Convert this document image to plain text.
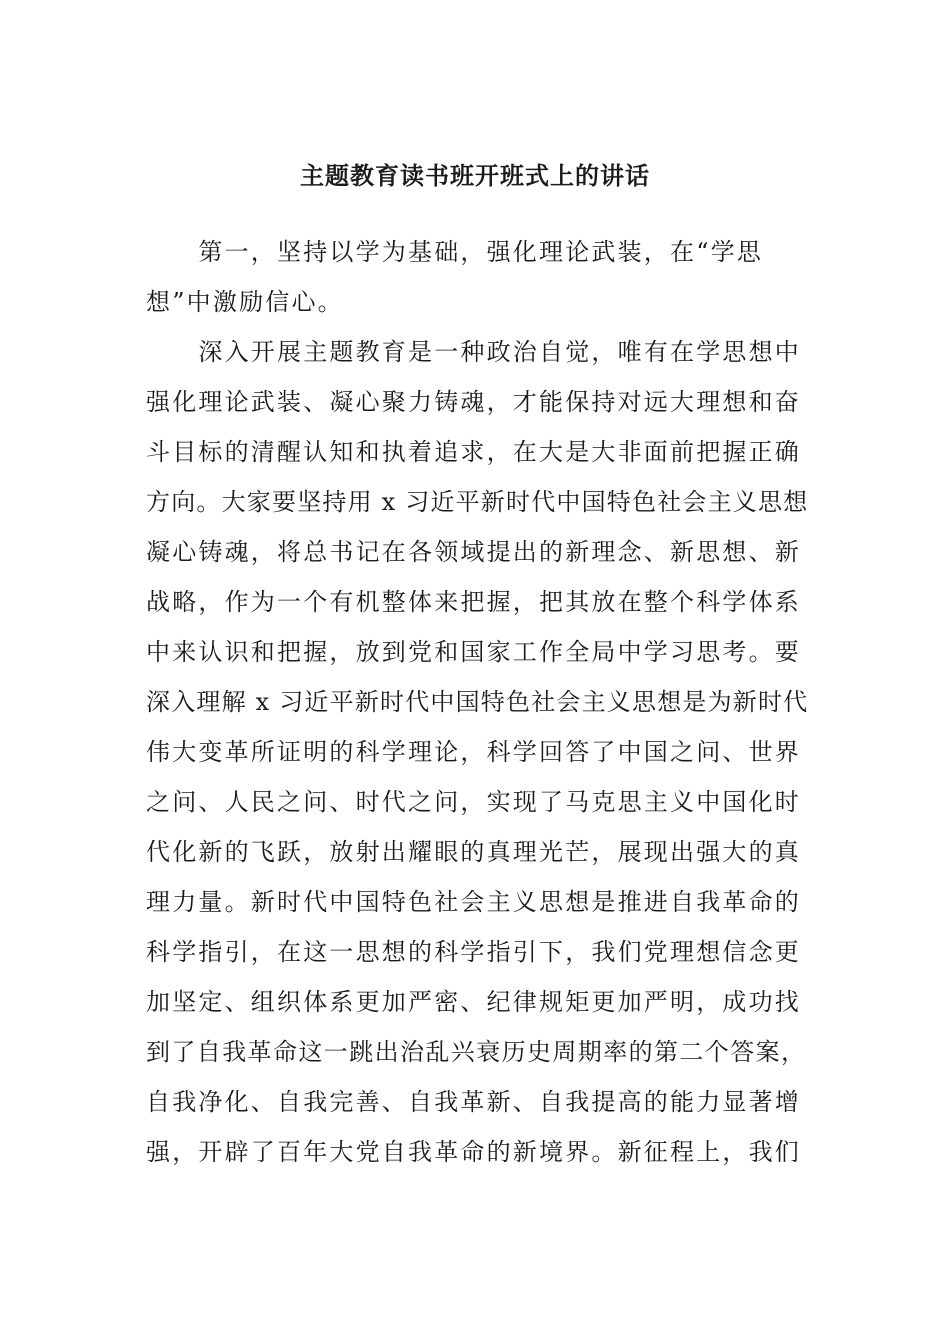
主题教育读书班开班式上的讲话
　　第一，坚持以学为基础，强化理论武装，在“学思
想”中激励信心。
　　深入开展主题教育是一种政治自觉，唯有在学思想中
强化理论武装、凝心聚力铸魂，才能保持对远大理想和奋
斗目标的清醒认知和执着追求，在大是大非面前把握正确
方向。大家要坚持用 x 习近平新时代中国特色社会主义思想
凝心铸魂，将总书记在各领域提出的新理念、新思想、新
战略，作为一个有机整体来把握，把其放在整个科学体系
中来认识和把握，放到党和国家工作全局中学习思考。要
深入理解 x 习近平新时代中国特色社会主义思想是为新时代
伟大变革所证明的科学理论，科学回答了中国之问、世界
之问、人民之问、时代之问，实现了马克思主义中国化时
代化新的飞跃，放射出耀眼的真理光芒，展现出强大的真
理力量。新时代中国特色社会主义思想是推进自我革命的
科学指引，在这一思想的科学指引下，我们党理想信念更
加坚定、组织体系更加严密、纪律规矩更加严明，成功找
到了自我革命这一跳出治乱兴衰历史周期率的第二个答案，
自我净化、自我完善、自我革新、自我提高的能力显著增
强，开辟了百年大党自我革命的新境界。新征程上，我们
